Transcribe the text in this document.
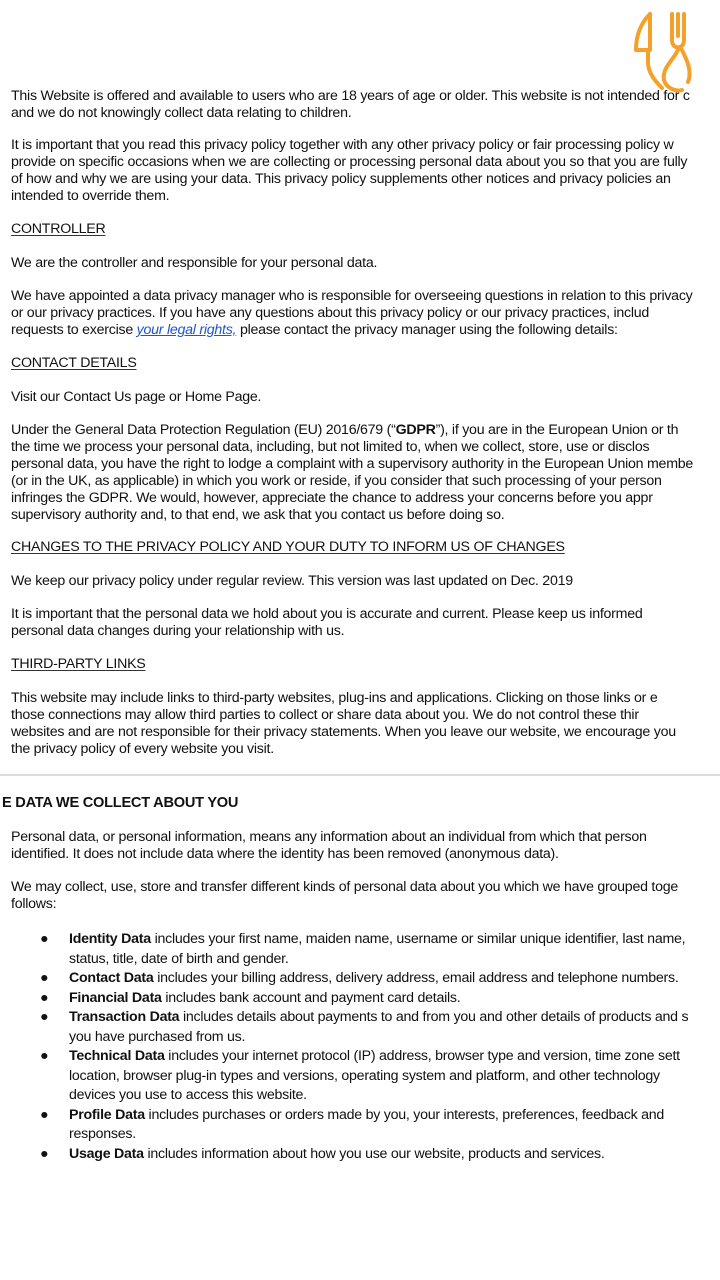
This Website is offered and available to users who are 18 years of age or older. This website is not intended for c
and we do not knowingly collect data relating to children.
It is important that you read this privacy policy together with any other privacy policy or fair processing policy w
provide on specific occasions when we are collecting or processing personal data about you so that you are fully
of how and why we are using your data. This privacy policy supplements other notices and privacy policies an
intended to override them.
CONTROLLER
We are the controller and responsible for your personal data.
We have appointed a data privacy manager who is responsible for overseeing questions in relation to this privacy
or our privacy practices. If you have any questions about this privacy policy or our privacy practices, includ
requests to exercise your legal rights, please contact the privacy manager using the following details:
CONTACT DETAILS
Visit our Contact Us page or Home Page.
Under the General Data Protection Regulation (EU) 2016/679 (“GDPR”), if you are in the European Union or th
the time we process your personal data, including, but not limited to, when we collect, store, use or disclos
personal data, you have the right to lodge a complaint with a supervisory authority in the European Union membe
(or in the UK, as applicable) in which you work or reside, if you consider that such processing of your person
infringes the GDPR. We would, however, appreciate the chance to address your concerns before you appr
supervisory authority and, to that end, we ask that you contact us before doing so.
CHANGES TO THE PRIVACY POLICY AND YOUR DUTY TO INFORM US OF CHANGES
We keep our privacy policy under regular review. This version was last updated on Dec. 2019
It is important that the personal data we hold about you is accurate and current. Please keep us informed
personal data changes during your relationship with us.
THIRD-PARTY LINKS
This website may include links to third-party websites, plug-ins and applications. Clicking on those links or e
those connections may allow third parties to collect or share data about you. We do not control these thir
websites and are not responsible for their privacy statements. When you leave our website, we encourage you
the privacy policy of every website you visit.
E DATA WE COLLECT ABOUT YOU
Personal data, or personal information, means any information about an individual from which that person
identified. It does not include data where the identity has been removed (anonymous data).
We may collect, use, store and transfer different kinds of personal data about you which we have grouped toge
follows:
● Identity Data includes your first name, maiden name, username or similar unique identifier, last name,
status, title, date of birth and gender.
● Contact Data includes your billing address, delivery address, email address and telephone numbers.
● Financial Data includes bank account and payment card details.
● Transaction Data includes details about payments to and from you and other details of products and s
you have purchased from us.
● Technical Data includes your internet protocol (IP) address, browser type and version, time zone sett
location, browser plug-in types and versions, operating system and platform, and other technology
devices you use to access this website.
● Profile Data includes purchases or orders made by you, your interests, preferences, feedback and
responses.
● Usage Data includes information about how you use our website, products and services.
